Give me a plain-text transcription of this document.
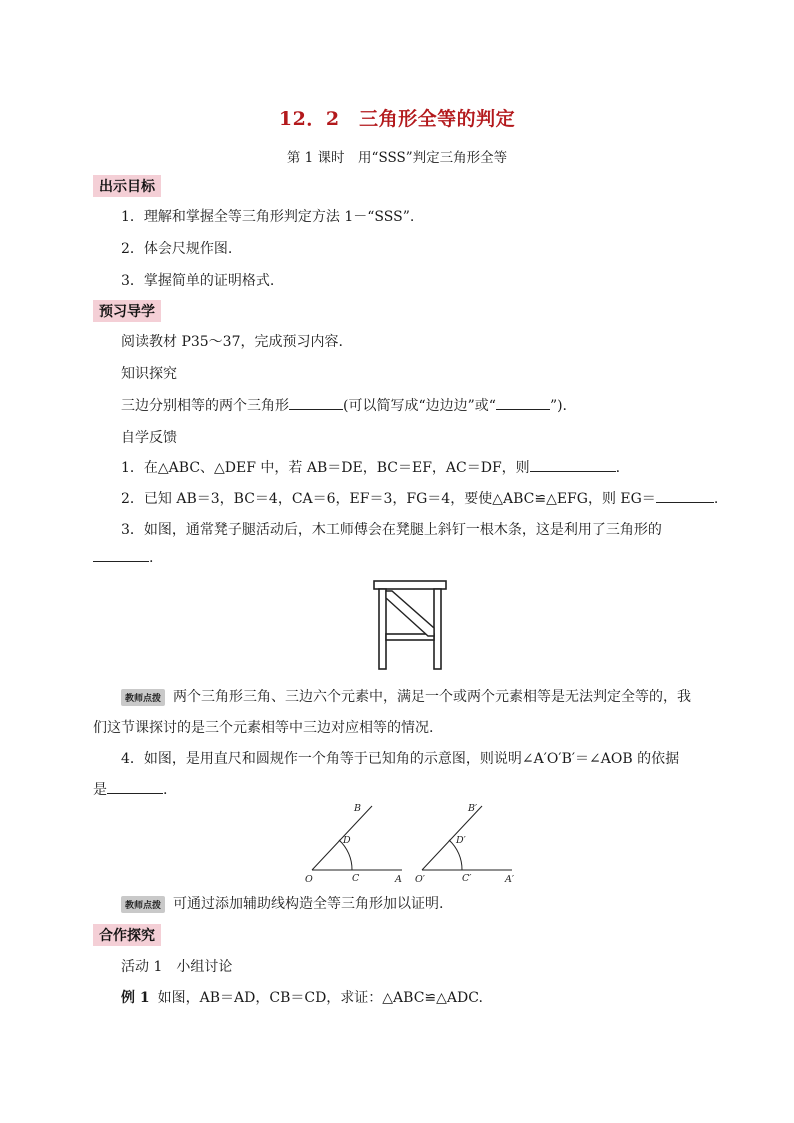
12．2　三角形全等的判定
第 1 课时　用“SSS”判定三角形全等
出示目标
1．理解和掌握全等三角形判定方法 1－“SSS”.
2．体会尺规作图.
3．掌握简单的证明格式.
预习导学
阅读教材 P35～37，完成预习内容.
知识探究
三边分别相等的两个三角形	(可以简写成“边边边”或“	”).
自学反馈
1．在△ABC、△DEF 中，若 AB＝DE，BC＝EF，AC＝DF，则	.
2．已知 AB＝3，BC＝4，CA＝6，EF＝3，FG＝4，要使△ABC≌△EFG，则 EG＝	.
3．如图，通常凳子腿活动后，木工师傅会在凳腿上斜钉一根木条，这是利用了三角形的
.
教师点拨 两个三角形三角、三边六个元素中，满足一个或两个元素相等是无法判定全等的，我
们这节课探讨的是三个元素相等中三边对应相等的情况.
4．如图，是用直尺和圆规作一个角等于已知角的示意图，则说明∠A′O′B′＝∠AOB 的依据
是	.
B
D
O	C	A
B′
D′
O′	C′	A′
教师点拨 可通过添加辅助线构造全等三角形加以证明.
合作探究
活动 1　小组讨论
例 1 如图，AB＝AD，CB＝CD，求证：△ABC≌△ADC.
